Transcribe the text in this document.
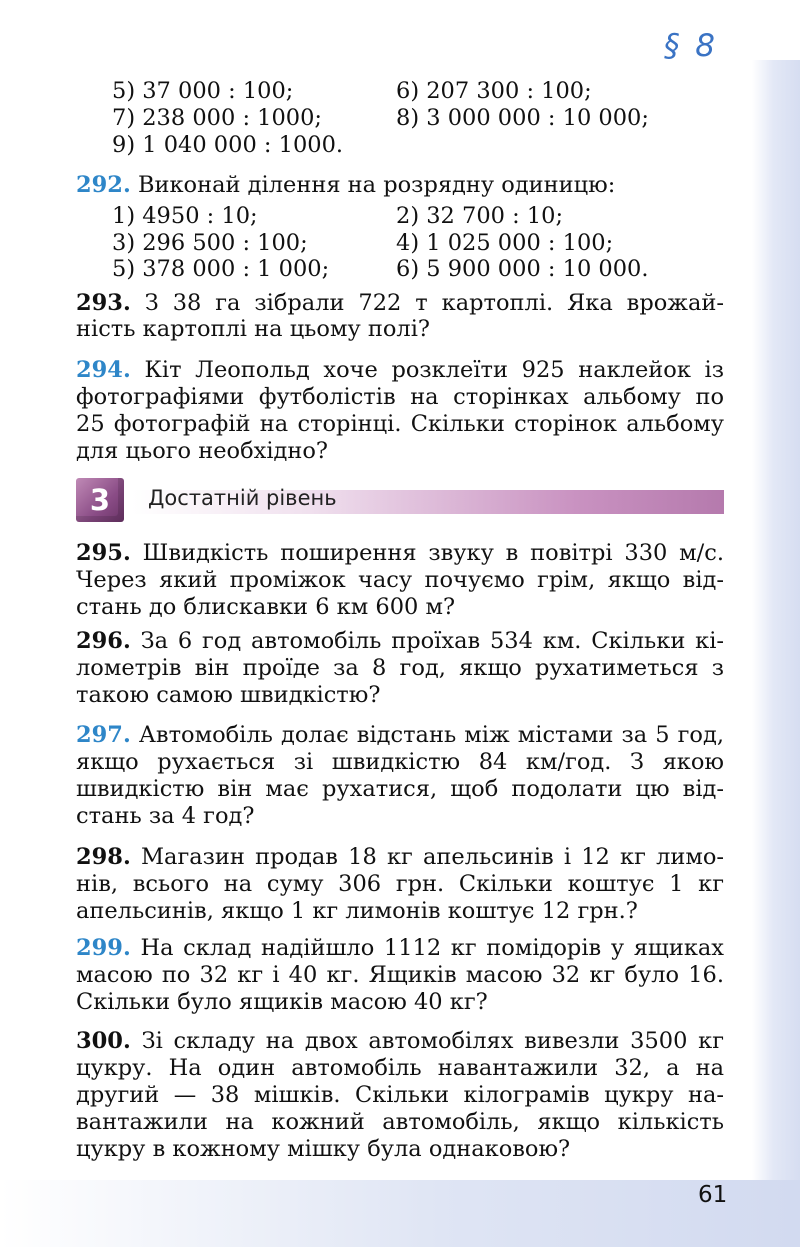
§ 8
5) 37 000 : 100;	6) 207 300 : 100;
7) 238 000 : 1000;	8) 3 000 000 : 10 000;
9) 1 040 000 : 1000.
292. Виконай ділення на розрядну одиницю:
1) 4950 : 10;	2) 32 700 : 10;
3) 296 500 : 100;	4) 1 025 000 : 100;
5) 378 000 : 1 000;	6) 5 900 000 : 10 000.
293. З 38 га зібрали 722 т картоплі. Яка врожай-
ність картоплі на цьому полі?
294. Кіт Леопольд хоче розклеїти 925 наклейок із
фотографіями футболістів на сторінках альбому по
25 фотографій на сторінці. Скільки сторінок альбому
для цього необхідно?
295. Швидкість поширення звуку в повітрі 330 м/с.
Через який проміжок часу почуємо грім, якщо від-
стань до блискавки 6 км 600 м?
296. За 6 год автомобіль проїхав 534 км. Скільки кі-
лометрів він проїде за 8 год, якщо рухатиметься з
такою самою швидкістю?
297. Автомобіль долає відстань між містами за 5 год,
якщо рухається зі швидкістю 84 км/год. З якою
швидкістю він має рухатися, щоб подолати цю від-
стань за 4 год?
298. Магазин продав 18 кг апельсинів і 12 кг лимо-
нів, всього на суму 306 грн. Скільки коштує 1 кг
апельсинів, якщо 1 кг лимонів коштує 12 грн.?
299. На склад надійшло 1112 кг помідорів у ящиках
масою по 32 кг і 40 кг. Ящиків масою 32 кг було 16.
Скільки було ящиків масою 40 кг?
300. Зі складу на двох автомобілях вивезли 3500 кг
цукру. На один автомобіль навантажили 32, а на
другий — 38 мішків. Скільки кілограмів цукру на-
вантажили на кожний автомобіль, якщо кількість
цукру в кожному мішку була однаковою?
3	Достатній рівень
61
